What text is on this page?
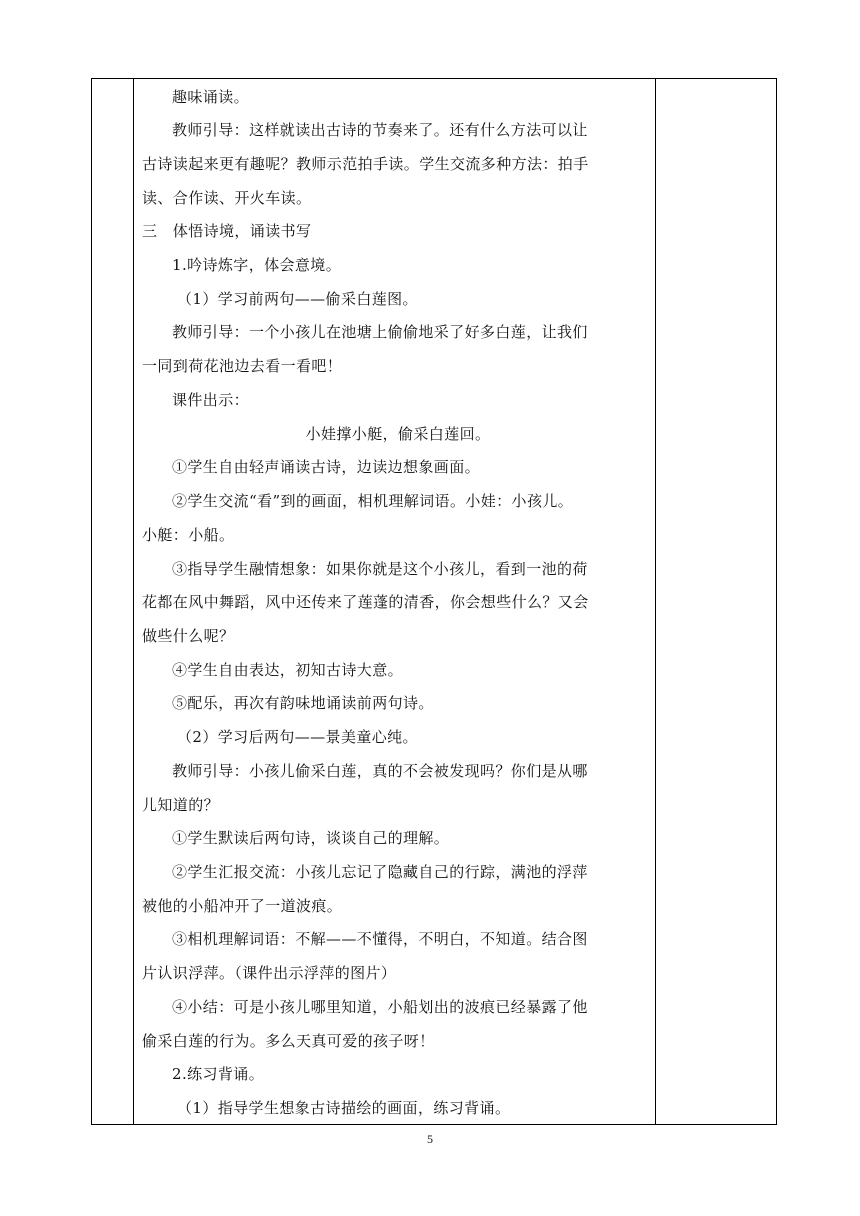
趣味诵读。
教师引导：这样就读出古诗的节奏来了。还有什么方法可以让
古诗读起来更有趣呢？教师示范拍手读。学生交流多种方法：拍手
读、合作读、开火车读。
三　体悟诗境，诵读书写
1.吟诗炼字，体会意境。
（1）学习前两句——偷采白莲图。
教师引导：一个小孩儿在池塘上偷偷地采了好多白莲，让我们
一同到荷花池边去看一看吧！
课件出示：
小娃撑小艇，偷采白莲回。
①学生自由轻声诵读古诗，边读边想象画面。
②学生交流“看”到的画面，相机理解词语。小娃：小孩儿。
小艇：小船。
③指导学生融情想象：如果你就是这个小孩儿，看到一池的荷
花都在风中舞蹈，风中还传来了莲蓬的清香，你会想些什么？又会
做些什么呢？
④学生自由表达，初知古诗大意。
⑤配乐，再次有韵味地诵读前两句诗。
（2）学习后两句——景美童心纯。
教师引导：小孩儿偷采白莲，真的不会被发现吗？你们是从哪
儿知道的？
①学生默读后两句诗，谈谈自己的理解。
②学生汇报交流：小孩儿忘记了隐藏自己的行踪，满池的浮萍
被他的小船冲开了一道波痕。
③相机理解词语：不解——不懂得，不明白，不知道。结合图
片认识浮萍。（课件出示浮萍的图片）
④小结：可是小孩儿哪里知道，小船划出的波痕已经暴露了他
偷采白莲的行为。多么天真可爱的孩子呀！
2.练习背诵。
（1）指导学生想象古诗描绘的画面，练习背诵。
5
